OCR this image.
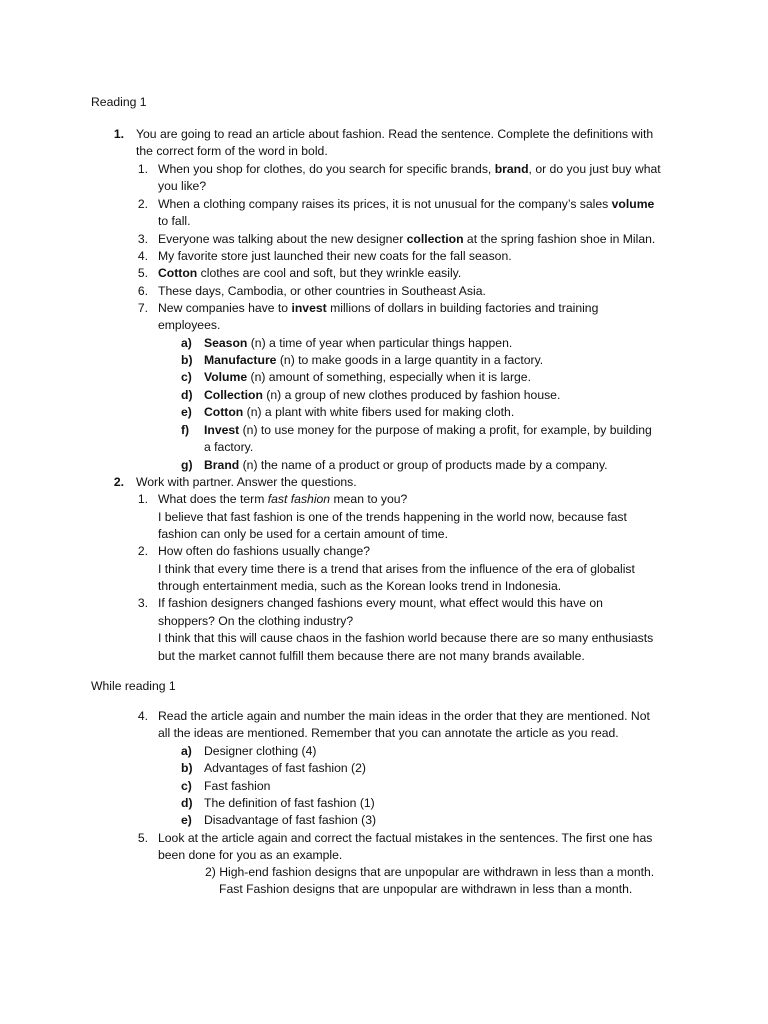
Reading 1
1. You are going to read an article about fashion. Read the sentence. Complete the definitions with
the correct form of the word in bold.
1. When you shop for clothes, do you search for specific brands, brand, or do you just buy what
you like?
2. When a clothing company raises its prices, it is not unusual for the company’s sales volume
to fall.
3. Everyone was talking about the new designer collection at the spring fashion shoe in Milan.
4. My favorite store just launched their new coats for the fall season.
5. Cotton clothes are cool and soft, but they wrinkle easily.
6. These days, Cambodia, or other countries in Southeast Asia.
7. New companies have to invest millions of dollars in building factories and training
employees.
a) Season (n) a time of year when particular things happen.
b) Manufacture (n) to make goods in a large quantity in a factory.
c) Volume (n) amount of something, especially when it is large.
d) Collection (n) a group of new clothes produced by fashion house.
e) Cotton (n) a plant with white fibers used for making cloth.
f) Invest (n) to use money for the purpose of making a profit, for example, by building
a factory.
g) Brand (n) the name of a product or group of products made by a company.
2. Work with partner. Answer the questions.
1. What does the term fast fashion mean to you?
I believe that fast fashion is one of the trends happening in the world now, because fast
fashion can only be used for a certain amount of time.
2. How often do fashions usually change?
I think that every time there is a trend that arises from the influence of the era of globalist
through entertainment media, such as the Korean looks trend in Indonesia.
3. If fashion designers changed fashions every mount, what effect would this have on
shoppers? On the clothing industry?
I think that this will cause chaos in the fashion world because there are so many enthusiasts
but the market cannot fulfill them because there are not many brands available.
While reading 1
4. Read the article again and number the main ideas in the order that they are mentioned. Not
all the ideas are mentioned. Remember that you can annotate the article as you read.
a) Designer clothing (4)
b) Advantages of fast fashion (2)
c) Fast fashion
d) The definition of fast fashion (1)
e) Disadvantage of fast fashion (3)
5. Look at the article again and correct the factual mistakes in the sentences. The first one has
been done for you as an example.
2) High-end fashion designs that are unpopular are withdrawn in less than a month.
Fast Fashion designs that are unpopular are withdrawn in less than a month.
